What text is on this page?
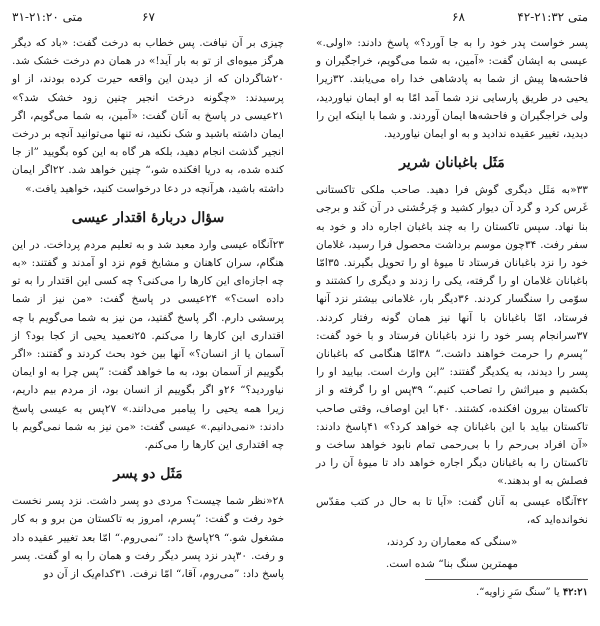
متی ۲۱:۳۲-۴۲
۶۸
۶۷
متی ۲۱:۲۰-۳۱

پسر خواست پدر خود را به جا آورد؟» پاسخ دادند: «اولی.» عیسی به ایشان گفت: «آمین، به شما می‌گویم، خراجگیران و فاحشه‌ها پیش از شما به پادشاهی خدا راه می‌یابند. ۳۲زیرا یحیی در طریق پارسایی نزد شما آمد امّا به او ایمان نیاوردید، ولی خراجگیران و فاحشه‌ها ایمان آوردند. و شما با اینکه این را دیدید، تغییر عقیده ندادید و به او ایمان نیاوردید.

مَثَل باغبانان شریر

۳۳«به مَثَل دیگری گوش فرا دهید. صاحب ملکی تاکستانی غَرس کرد و گرد آن دیوار کشید و چَرخُشتی در آن کَند و برجی بنا نهاد. سپس تاکستان را به چند باغبان اجاره داد و خود به سفر رفت. ۳۴چون موسم برداشت محصول فرا رسید، غلامان خود را نزد باغبانان فرستاد تا میوهٔ او را تحویل بگیرند. ۳۵امّا باغبانان غلامان او را گرفته، یکی را زدند و دیگری را کشتند و سوّمی را سنگسار کردند. ۳۶دیگر بار، غلامانی بیشتر نزد آنها فرستاد، امّا باغبانان با آنها نیز همان گونه رفتار کردند. ۳۷سرانجام پسر خود را نزد باغبانان فرستاد و با خود گفت: ”پسرم را حرمت خواهند داشت.“ ۳۸امّا هنگامی که باغبانان پسر را دیدند، به یکدیگر گفتند: ”این وارث است. بیایید او را بکشیم و میراثش را تصاحب کنیم.“ ۳۹پس او را گرفته و از تاکستان بیرون افکنده، کشتند. ۴۰با این اوصاف، وقتی صاحب تاکستان بیاید با این باغبانان چه خواهد کرد؟» ۴۱پاسخ دادند: «آن افراد بی‌رحم را با بی‌رحمی تمام نابود خواهد ساخت و تاکستان را به باغبانان دیگر اجاره خواهد داد تا میوهٔ آن را در فصلش به او بدهند.»

۴۲آنگاه عیسی به آنان گفت: «آیا تا به حال در کتب مقدّس نخوانده‌اید که،

«سنگی که معماران رد کردند،
مهمترین سنگ بنا“ شده است.
۴۲:۲۱ یا ”سنگ سَرِ زاویه“.

چیزی بر آن نیافت. پس خطاب به درخت گفت: «باد که دیگر هرگز میوه‌ای از تو به بار آید!» در همان دم درخت خشک شد. ۲۰شاگردان که از دیدن این واقعه حیرت کرده بودند، از او پرسیدند: «چگونه درخت انجیر چنین زود خشک شد؟» ۲۱عیسی در پاسخ به آنان گفت: «آمین، به شما می‌گویم، اگر ایمان داشته باشید و شک نکنید، نه تنها می‌توانید آنچه بر درخت انجیر گذشت انجام دهید، بلکه هر گاه به این کوه بگویید ”از جا کنده شده، به دریا افکنده شو،“ چنین خواهد شد. ۲۲اگر ایمان داشته باشید، هرآنچه در دعا درخواست کنید، خواهید یافت.»

سؤال دربارهٔ اقتدار عیسی

۲۳آنگاه عیسی وارد معبد شد و به تعلیم مردم پرداخت. در این هنگام، سران کاهنان و مشایخ قوم نزد او آمدند و گفتند: «به چه اجازه‌ای این کارها را می‌کنی؟ چه کسی این اقتدار را به تو داده است؟» ۲۴عیسی در پاسخ گفت: «من نیز از شما پرسشی دارم. اگر پاسخ گفتید، من نیز به شما می‌گویم با چه اقتداری این کارها را می‌کنم. ۲۵تعمید یحیی از کجا بود؟ از آسمان یا از انسان؟» آنها بین خود بحث کردند و گفتند: «اگر بگوییم از آسمان بود، به ما خواهد گفت: ”پس چرا به او ایمان نیاوردید؟“ ۲۶و اگر بگوییم از انسان بود، از مردم بیم داریم، زیرا همه یحیی را پیامبر می‌دانند.» ۲۷پس به عیسی پاسخ دادند: «نمی‌دانیم.» عیسی گفت: «من نیز به شما نمی‌گویم با چه اقتداری این کارها را می‌کنم.

مَثَل دو پسر

۲۸«نظر شما چیست؟ مردی دو پسر داشت. نزد پسر نخست خود رفت و گفت: ”پسرم، امروز به تاکستان من برو و به کار مشغول شو.“ ۲۹پاسخ داد: ”نمی‌روم.“ امّا بعد تغییر عقیده داد و رفت. ۳۰پدر نزد پسر دیگر رفت و همان را به او گفت. پسر پاسخ داد: ”می‌روم، آقا،“ امّا نرفت. ۳۱کدام‌یک از آن دو
